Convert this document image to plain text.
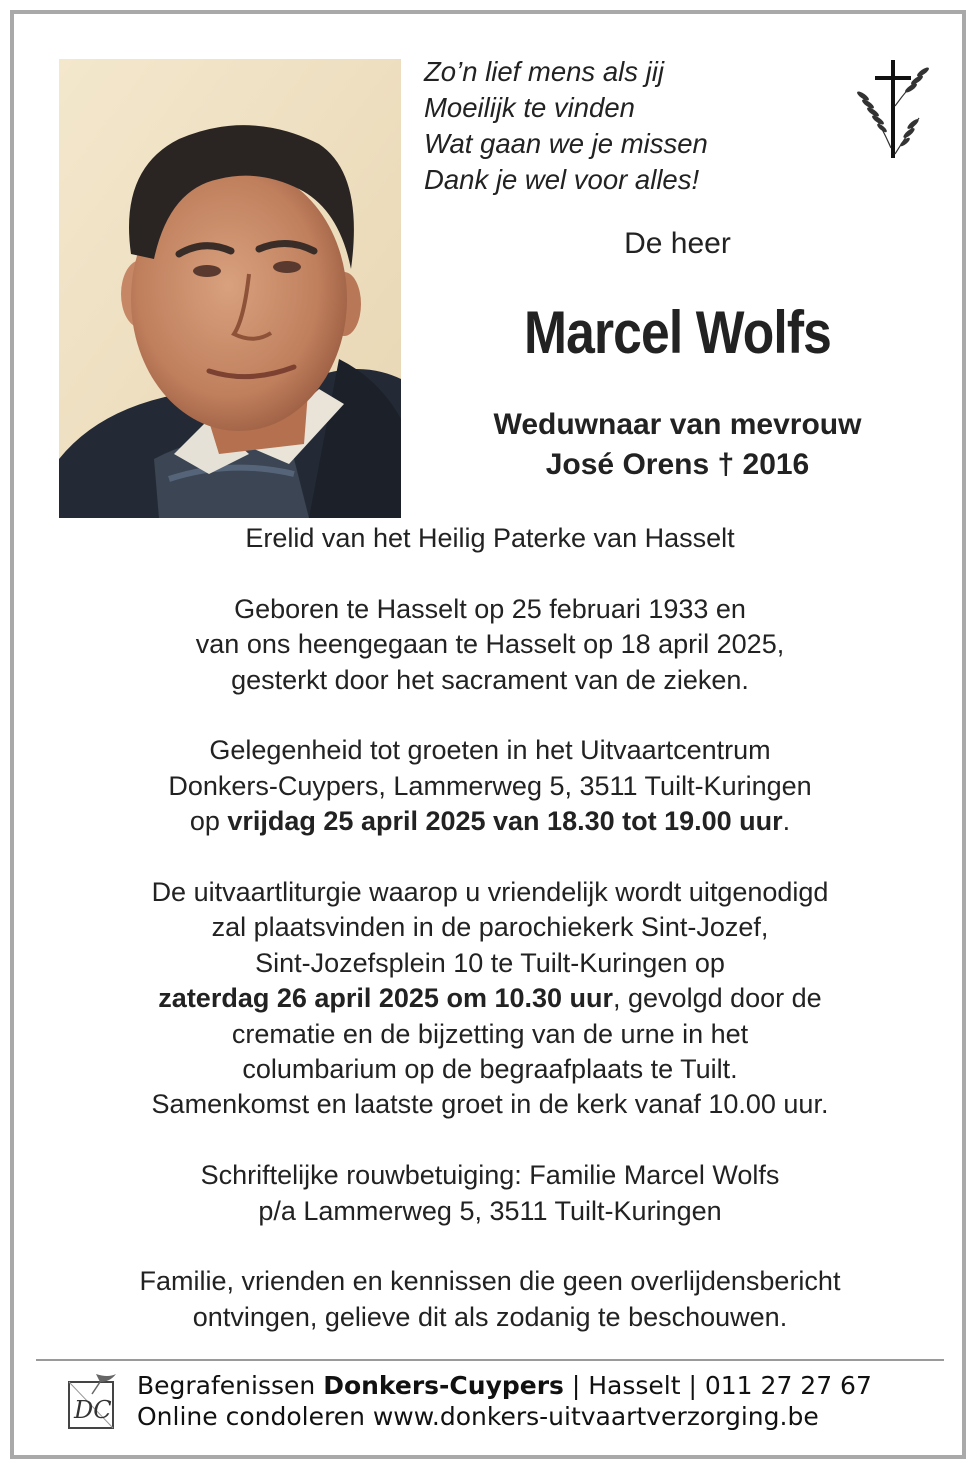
Zo’n lief mens als jij
Moeilijk te vinden
Wat gaan we je missen
Dank je wel voor alles!
De heer
Marcel Wolfs
Weduwnaar van mevrouw
José Orens † 2016
Erelid van het Heilig Paterke van Hasselt
Geboren te Hasselt op 25 februari 1933 en
van ons heengegaan te Hasselt op 18 april 2025,
gesterkt door het sacrament van de zieken.
Gelegenheid tot groeten in het Uitvaartcentrum
Donkers-Cuypers, Lammerweg 5, 3511 Tuilt-Kuringen
op vrijdag 25 april 2025 van 18.30 tot 19.00 uur.
De uitvaartliturgie waarop u vriendelijk wordt uitgenodigd
zal plaatsvinden in de parochiekerk Sint-Jozef,
Sint-Jozefsplein 10 te Tuilt-Kuringen op
zaterdag 26 april 2025 om 10.30 uur, gevolgd door de
crematie en de bijzetting van de urne in het
columbarium op de begraafplaats te Tuilt.
Samenkomst en laatste groet in de kerk vanaf 10.00 uur.
Schriftelijke rouwbetuiging: Familie Marcel Wolfs
p/a Lammerweg 5, 3511 Tuilt-Kuringen
Familie, vrienden en kennissen die geen overlijdensbericht
ontvingen, gelieve dit als zodanig te beschouwen.
DC
Begrafenissen Donkers-Cuypers | Hasselt | 011 27 27 67
Online condoleren www.donkers-uitvaartverzorging.be
